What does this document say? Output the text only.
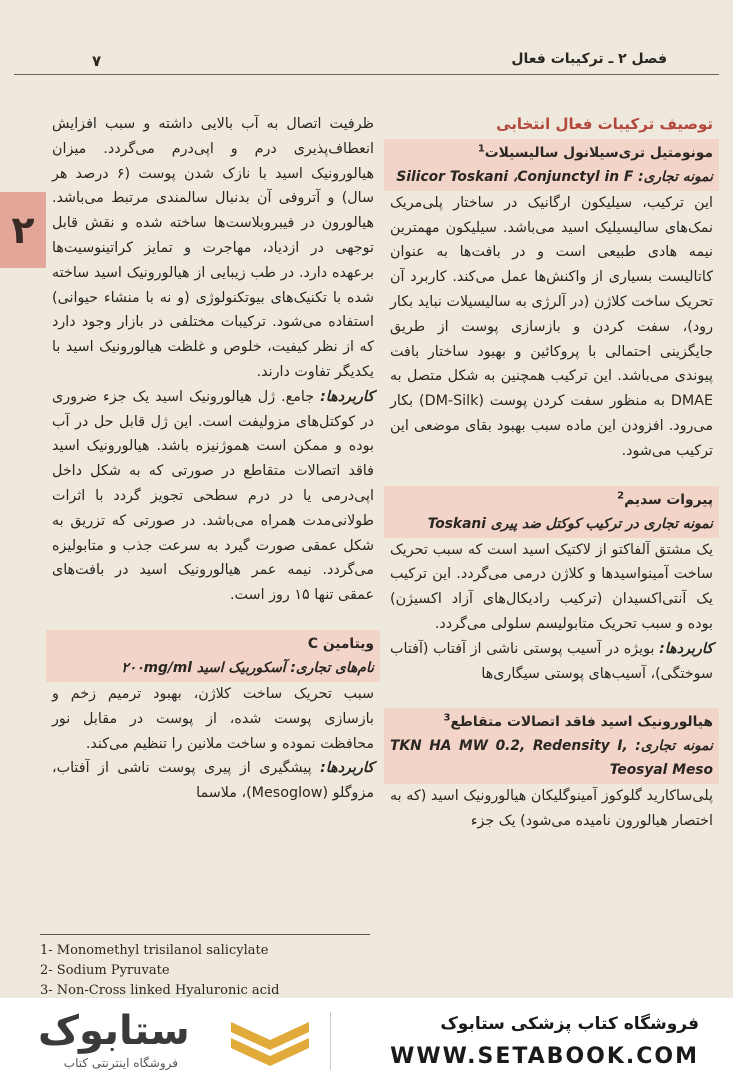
۷	فصل ۲ ـ ترکیبات فعال
۲
توصیف ترکیبات فعال انتخابی
مونومتیل تری‌سیلانول سالیسیلات$^1$
نمونه تجاری: Silicor Toskani ،Conjunctyl in F

این ترکیب، سیلیکون ارگانیک در ساختار پلی‌مریک نمک‌های سالیسیلیک اسید می‌باشد. سیلیکون مهمترین نیمه هادی طبیعی است و در بافت‌ها به عنوان کاتالیست بسیاری از واکنش‌ها عمل می‌کند. کاربرد آن تحریک ساخت کلاژن (در آلرژی به سالیسیلات نباید بکار رود)، سفت کردن و بازسازی پوست از طریق جایگزینی احتمالی با پروکائین و بهبود ساختار بافت پیوندی می‌باشد. این ترکیب همچنین به شکل متصل به DMAE به منظور سفت کردن پوست (DM-Silk) بکار می‌رود. افزودن این ماده سبب بهبود بقای موضعی این ترکیب می‌شود.

پیروات سدیم$^2$
نمونه تجاری در ترکیب کوکتل ضد پیری Toskani

یک مشتق آلفاکتو از لاکتیک اسید است که سبب تحریک ساخت آمینواسیدها و کلاژن درمی می‌گردد. این ترکیب یک آنتی‌اکسیدان (ترکیب رادیکال‌های آزاد اکسیژن) بوده و سبب تحریک متابولیسم سلولی می‌گردد.

کاربردها: بویژه در آسیب پوستی ناشی از آفتاب (آفتاب سوختگی)، آسیب‌های پوستی سیگاری‌ها

هیالورونیک اسید فاقد اتصالات متقاطع$^3$
نمونه تجاری: TKN HA MW 0.2, Redensity I, Teosyal Meso

پلی‌ساکارید گلوکوز آمینوگلیکان هیالورونیک اسید (که به اختصار هیالورون نامیده می‌شود) یک جزء

ظرفیت اتصال به آب بالایی داشته و سبب افزایش انعطاف‌پذیری درم و اپی‌درم می‌گردد. میزان هیالورونیک اسید با نازک شدن پوست (۶ درصد هر سال) و آتروفی آن بدنبال سالمندی مرتبط می‌باشد. هیالورون در فیبروبلاست‌ها ساخته شده و نقش قابل توجهی در ازدیاد، مهاجرت و تمایز کراتینوسیت‌ها برعهده دارد. در طب زیبایی از هیالورونیک اسید ساخته شده با تکنیک‌های بیوتکنولوژی (و نه با منشاء حیوانی) استفاده می‌شود. ترکیبات مختلفی در بازار وجود دارد که از نظر کیفیت، خلوص و غلظت هیالورونیک اسید با یکدیگر تفاوت دارند.

کاربردها: جامع. ژل هیالورونیک اسید یک جزء ضروری در کوکتل‌های مزولیفت است. این ژل قابل حل در آب بوده و ممکن است هموژنیزه باشد. هیالورونیک اسید فاقد اتصالات متقاطع در صورتی که به شکل داخل اپی‌درمی یا در درم سطحی تجویز گردد با اثرات طولانی‌مدت همراه می‌باشد. در صورتی که تزریق به شکل عمقی صورت گیرد به سرعت جذب و متابولیزه می‌گردد. نیمه عمر هیالورونیک اسید در بافت‌های عمقی تنها ۱۵ روز است.

ویتامین C
نام‌های تجاری: آسکوربیک اسید ۲۰۰mg/ml

سبب تحریک ساخت کلاژن، بهبود ترمیم زخم و بازسازی پوست شده، از پوست در مقابل نور محافظت نموده و ساخت ملانین را تنظیم می‌کند.

کاربردها: پیشگیری از پیری پوست ناشی از آفتاب، مزوگلو (Mesoglow)، ملاسما

1- Monomethyl trisilanol salicylate
2- Sodium Pyruvate
3- Non-Cross linked Hyaluronic acid
فروشگاه کتاب پزشکی ستابوک
WWW.SETABOOK.COM
ستابوک
فروشگاه اینترنتی کتاب
